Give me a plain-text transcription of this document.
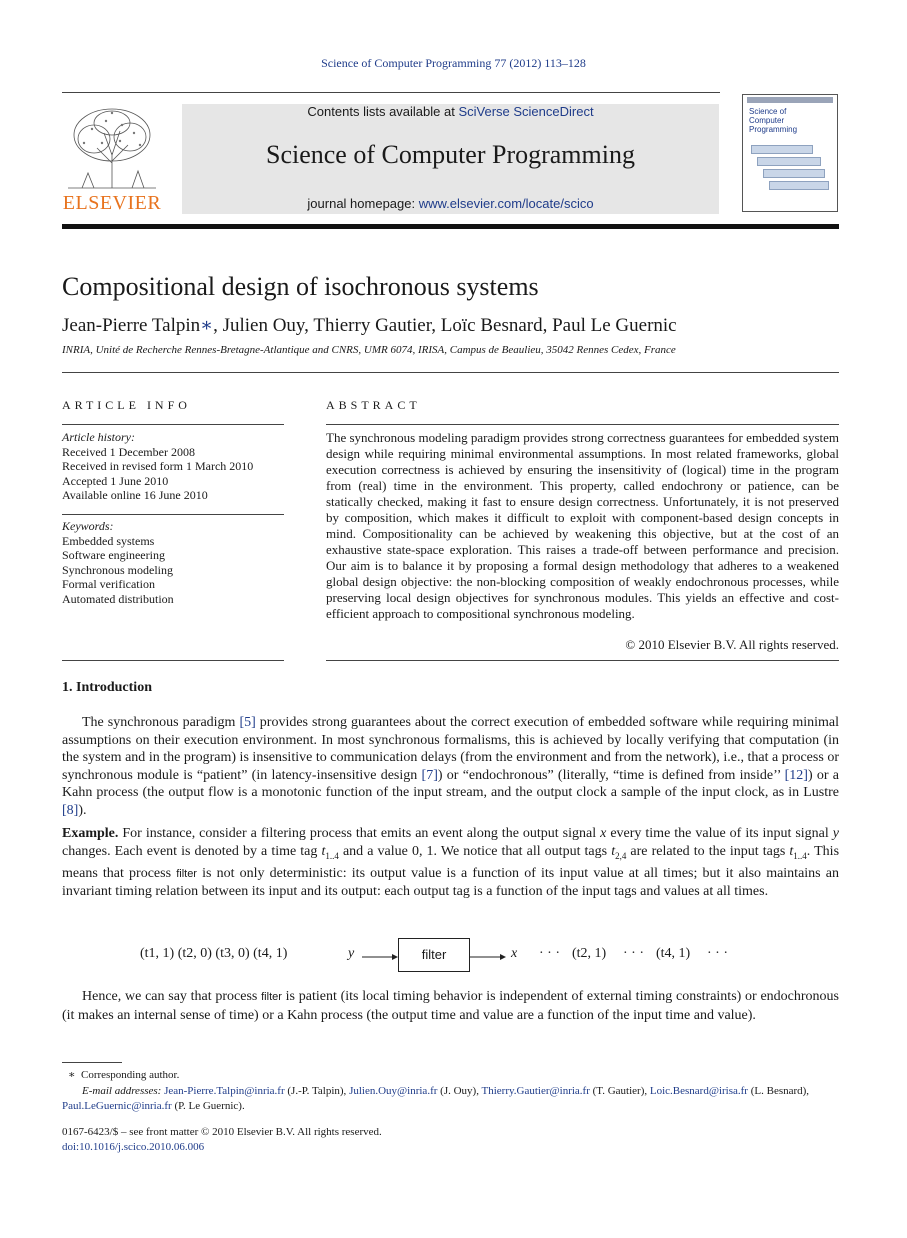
Science of Computer Programming 77 (2012) 113–128
ELSEVIER
Contents lists available at SciVerse ScienceDirect
Science of Computer Programming
journal homepage: www.elsevier.com/locate/scico
Science of Computer Programming
Compositional design of isochronous systems
Jean-Pierre Talpin∗, Julien Ouy, Thierry Gautier, Loïc Besnard, Paul Le Guernic
INRIA, Unité de Recherche Rennes-Bretagne-Atlantique and CNRS, UMR 6074, IRISA, Campus de Beaulieu, 35042 Rennes Cedex, France
ARTICLE INFO	ABSTRACT
Article history:
Received 1 December 2008
Received in revised form 1 March 2010
Accepted 1 June 2010
Available online 16 June 2010
Keywords:
Embedded systems
Software engineering
Synchronous modeling
Formal verification
Automated distribution
The synchronous modeling paradigm provides strong correctness guarantees for embedded system design while requiring minimal environmental assumptions. In most related frameworks, global execution correctness is achieved by ensuring the insensitivity of (logical) time in the program from (real) time in the environment. This property, called endochrony or patience, can be statically checked, making it fast to ensure design correctness. Unfortunately, it is not preserved by composition, which makes it difficult to exploit with component-based design concepts in mind. Compositionality can be achieved by weakening this objective, but at the cost of an exhaustive state-space exploration. This raises a trade-off between performance and precision. Our aim is to balance it by proposing a formal design methodology that adheres to a weakened global design objective: the non-blocking composition of weakly endochronous processes, while preserving local design objectives for synchronous modules. This yields an effective and cost-efficient approach to compositional synchronous modeling.
© 2010 Elsevier B.V. All rights reserved.
1. Introduction
The synchronous paradigm [5] provides strong guarantees about the correct execution of embedded software while requiring minimal assumptions on their execution environment. In most synchronous formalisms, this is achieved by locally verifying that computation (in the system and in the program) is insensitive to communication delays (from the environment and from the network), i.e., that a process or synchronous module is “patient” (in latency-insensitive design [7]) or “endochronous” (literally, “time is defined from inside’’ [12]) or a Kahn process (the output flow is a monotonic function of the input stream, and the output clock a sample of the input clock, as in Lustre [8]).
Example. For instance, consider a filtering process that emits an event along the output signal x every time the value of its input signal y changes. Each event is denoted by a time tag $t_{1..4}$ and a value 0, 1. We notice that all output tags $t_{2,4}$ are related to the input tags $t_{1..4}$. This means that process filter is not only deterministic: its output value is a function of its input value at all times; but it also maintains an invariant timing relation between its input and its output: each output tag is a function of the input tags and values at all times.
(t1, 1) (t2, 0) (t3, 0) (t4, 1)	y	filter	x · · · (t2, 1) · · · (t4, 1) · · ·
Hence, we can say that process filter is patient (its local timing behavior is independent of external timing constraints) or endochronous (it makes an internal sense of time) or a Kahn process (the output time and value are a function of the input time and value).
∗ Corresponding author.
E-mail addresses: Jean-Pierre.Talpin@inria.fr (J.-P. Talpin), Julien.Ouy@inria.fr (J. Ouy), Thierry.Gautier@inria.fr (T. Gautier), Loic.Besnard@irisa.fr (L. Besnard), Paul.LeGuernic@inria.fr (P. Le Guernic).
0167-6423/$ – see front matter © 2010 Elsevier B.V. All rights reserved.
doi:10.1016/j.scico.2010.06.006
